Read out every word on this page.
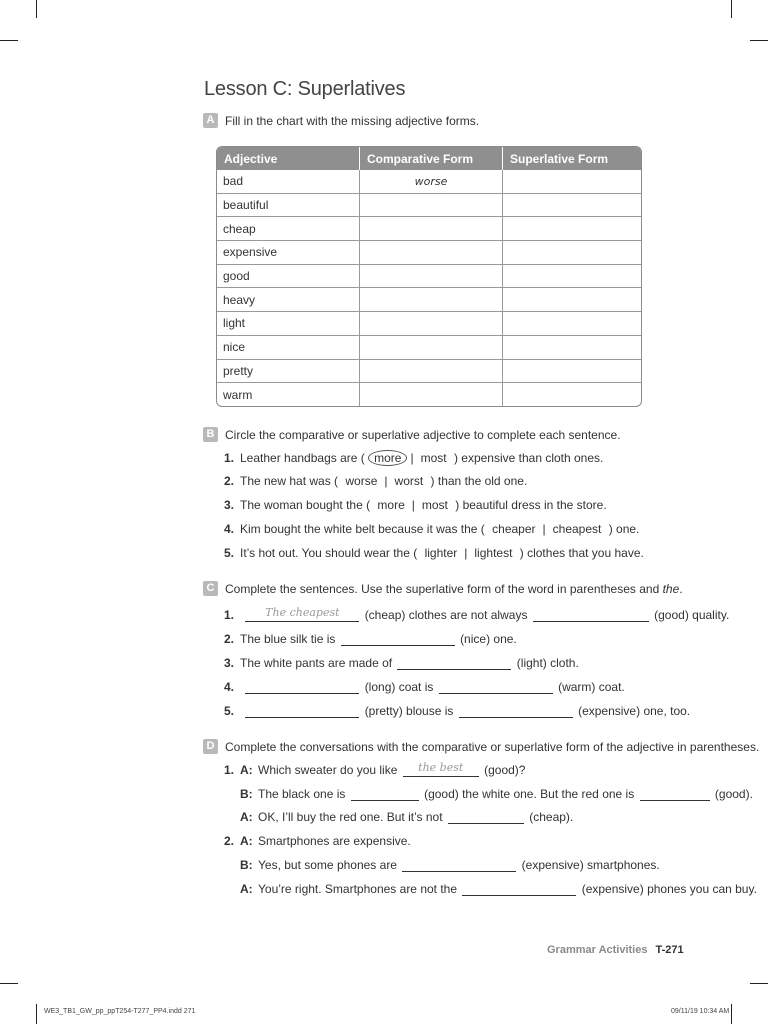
Lesson C: Superlatives
A Fill in the chart with the missing adjective forms.
Adjective	Comparative Form	Superlative Form
bad	worse	
beautiful		
cheap		
expensive		
good		
heavy		
light		
nice		
pretty		
warm		
B Circle the comparative or superlative adjective to complete each sentence.
1. Leather handbags are ( more | most ) expensive than cloth ones.
2. The new hat was ( worse | worst ) than the old one.
3. The woman bought the ( more | most ) beautiful dress in the store.
4. Kim bought the white belt because it was the ( cheaper | cheapest ) one.
5. It’s hot out. You should wear the ( lighter | lightest ) clothes that you have.
C Complete the sentences. Use the superlative form of the word in parentheses and the.
1.	The cheapest	(cheap) clothes are not always	(good) quality.
2. The blue silk tie is	(nice) one.
3. The white pants are made of	(light) cloth.
4.	(long) coat is	(warm) coat.
5.	(pretty) blouse is	(expensive) one, too.
D Complete the conversations with the comparative or superlative form of the adjective in parentheses.
1. A: Which sweater do you like	the best	(good)?
B: The black one is	(good) the white one. But the red one is	(good).
A: OK, I’ll buy the red one. But it’s not	(cheap).
2. A: Smartphones are expensive.
B: Yes, but some phones are	(expensive) smartphones.
A: You’re right. Smartphones are not the	(expensive) phones you can buy.
Grammar Activities T-271
WE3_TB1_GW_pp_ppT254-T277_PP4.indd 271	09/11/19 10:34 AM
